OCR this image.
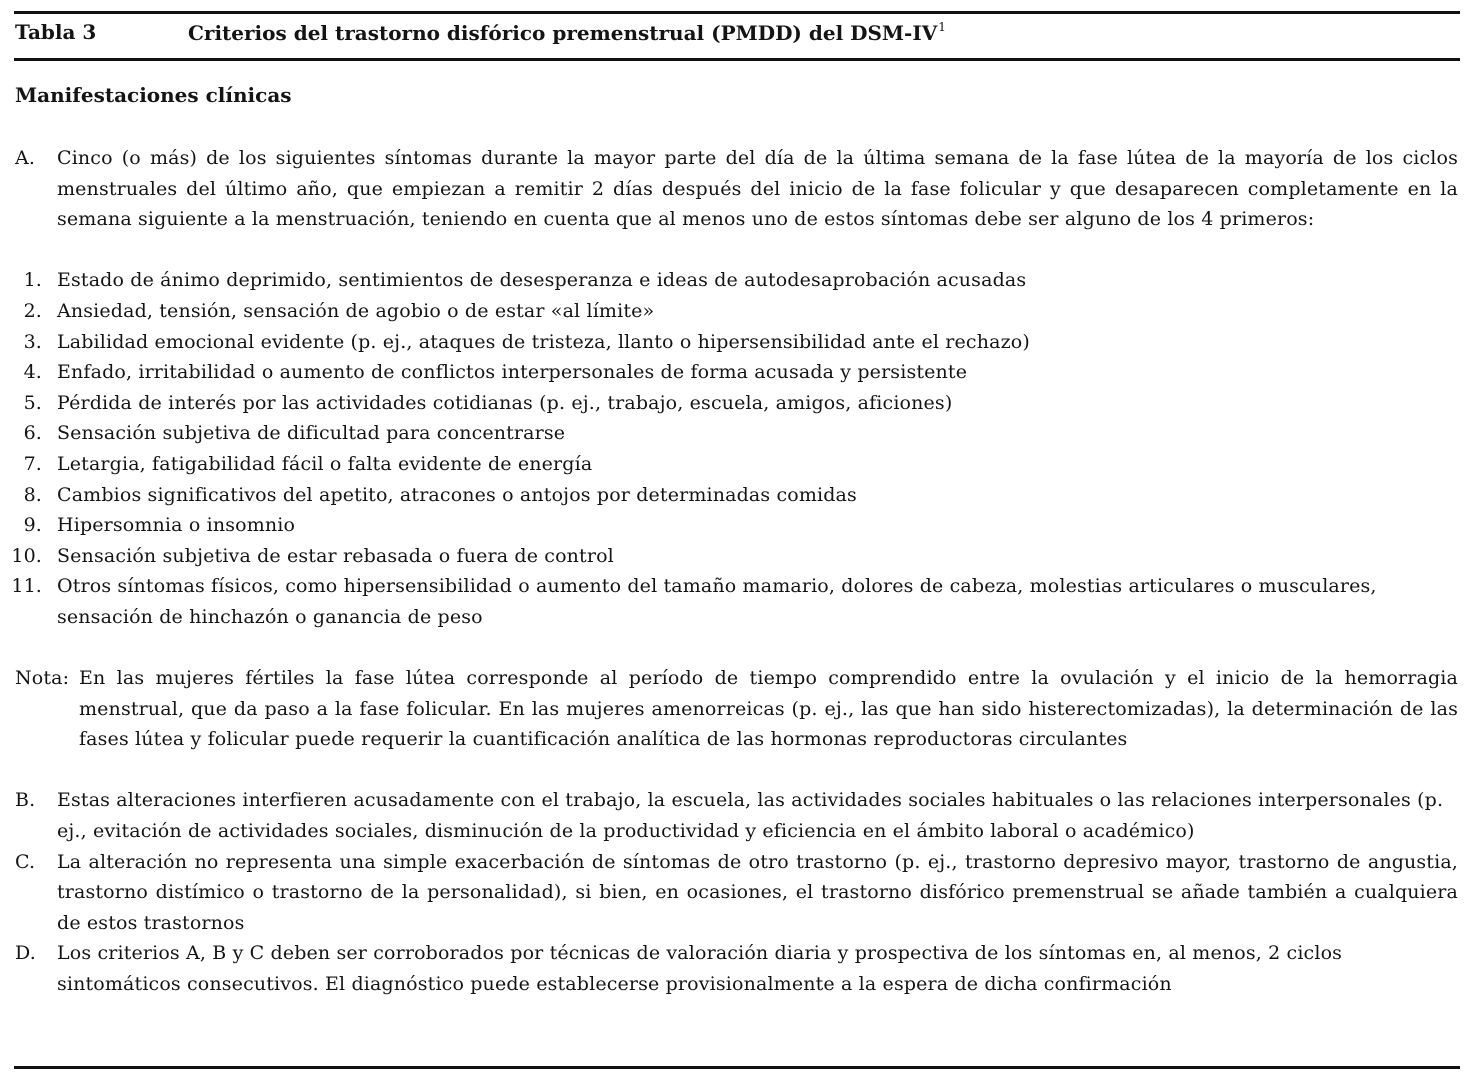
Tabla 3	Criterios del trastorno disfórico premenstrual (PMDD) del DSM-$IV^1$
Manifestaciones clínicas
A. Cinco (o más) de los siguientes síntomas durante la mayor parte del día de la última semana de la fase lútea de la mayoría de los ciclos menstruales del último año, que empiezan a remitir 2 días después del inicio de la fase folicular y que desaparecen completamente en la semana siguiente a la menstruación, teniendo en cuenta que al menos uno de estos síntomas debe ser alguno de los 4 primeros:
1. Estado de ánimo deprimido, sentimientos de desesperanza e ideas de autodesaprobación acusadas
2. Ansiedad, tensión, sensación de agobio o de estar «al límite»
3. Labilidad emocional evidente (p. ej., ataques de tristeza, llanto o hipersensibilidad ante el rechazo)
4. Enfado, irritabilidad o aumento de conflictos interpersonales de forma acusada y persistente
5. Pérdida de interés por las actividades cotidianas (p. ej., trabajo, escuela, amigos, aficiones)
6. Sensación subjetiva de dificultad para concentrarse
7. Letargia, fatigabilidad fácil o falta evidente de energía
8. Cambios significativos del apetito, atracones o antojos por determinadas comidas
9. Hipersomnia o insomnio
10. Sensación subjetiva de estar rebasada o fuera de control
11. Otros síntomas físicos, como hipersensibilidad o aumento del tamaño mamario, dolores de cabeza, molestias articulares o musculares, sensación de hinchazón o ganancia de peso
Nota: En las mujeres fértiles la fase lútea corresponde al período de tiempo comprendido entre la ovulación y el inicio de la hemorragia menstrual, que da paso a la fase folicular. En las mujeres amenorreicas (p. ej., las que han sido histerectomizadas), la determinación de las fases lútea y folicular puede requerir la cuantificación analítica de las hormonas reproductoras circulantes
B. Estas alteraciones interfieren acusadamente con el trabajo, la escuela, las actividades sociales habituales o las relaciones interpersonales (p. ej., evitación de actividades sociales, disminución de la productividad y eficiencia en el ámbito laboral o académico)
C. La alteración no representa una simple exacerbación de síntomas de otro trastorno (p. ej., trastorno depresivo mayor, trastorno de angustia, trastorno distímico o trastorno de la personalidad), si bien, en ocasiones, el trastorno disfórico premenstrual se añade también a cualquiera de estos trastornos
D. Los criterios A, B y C deben ser corroborados por técnicas de valoración diaria y prospectiva de los síntomas en, al menos, 2 ciclos sintomáticos consecutivos. El diagnóstico puede establecerse provisionalmente a la espera de dicha confirmación
